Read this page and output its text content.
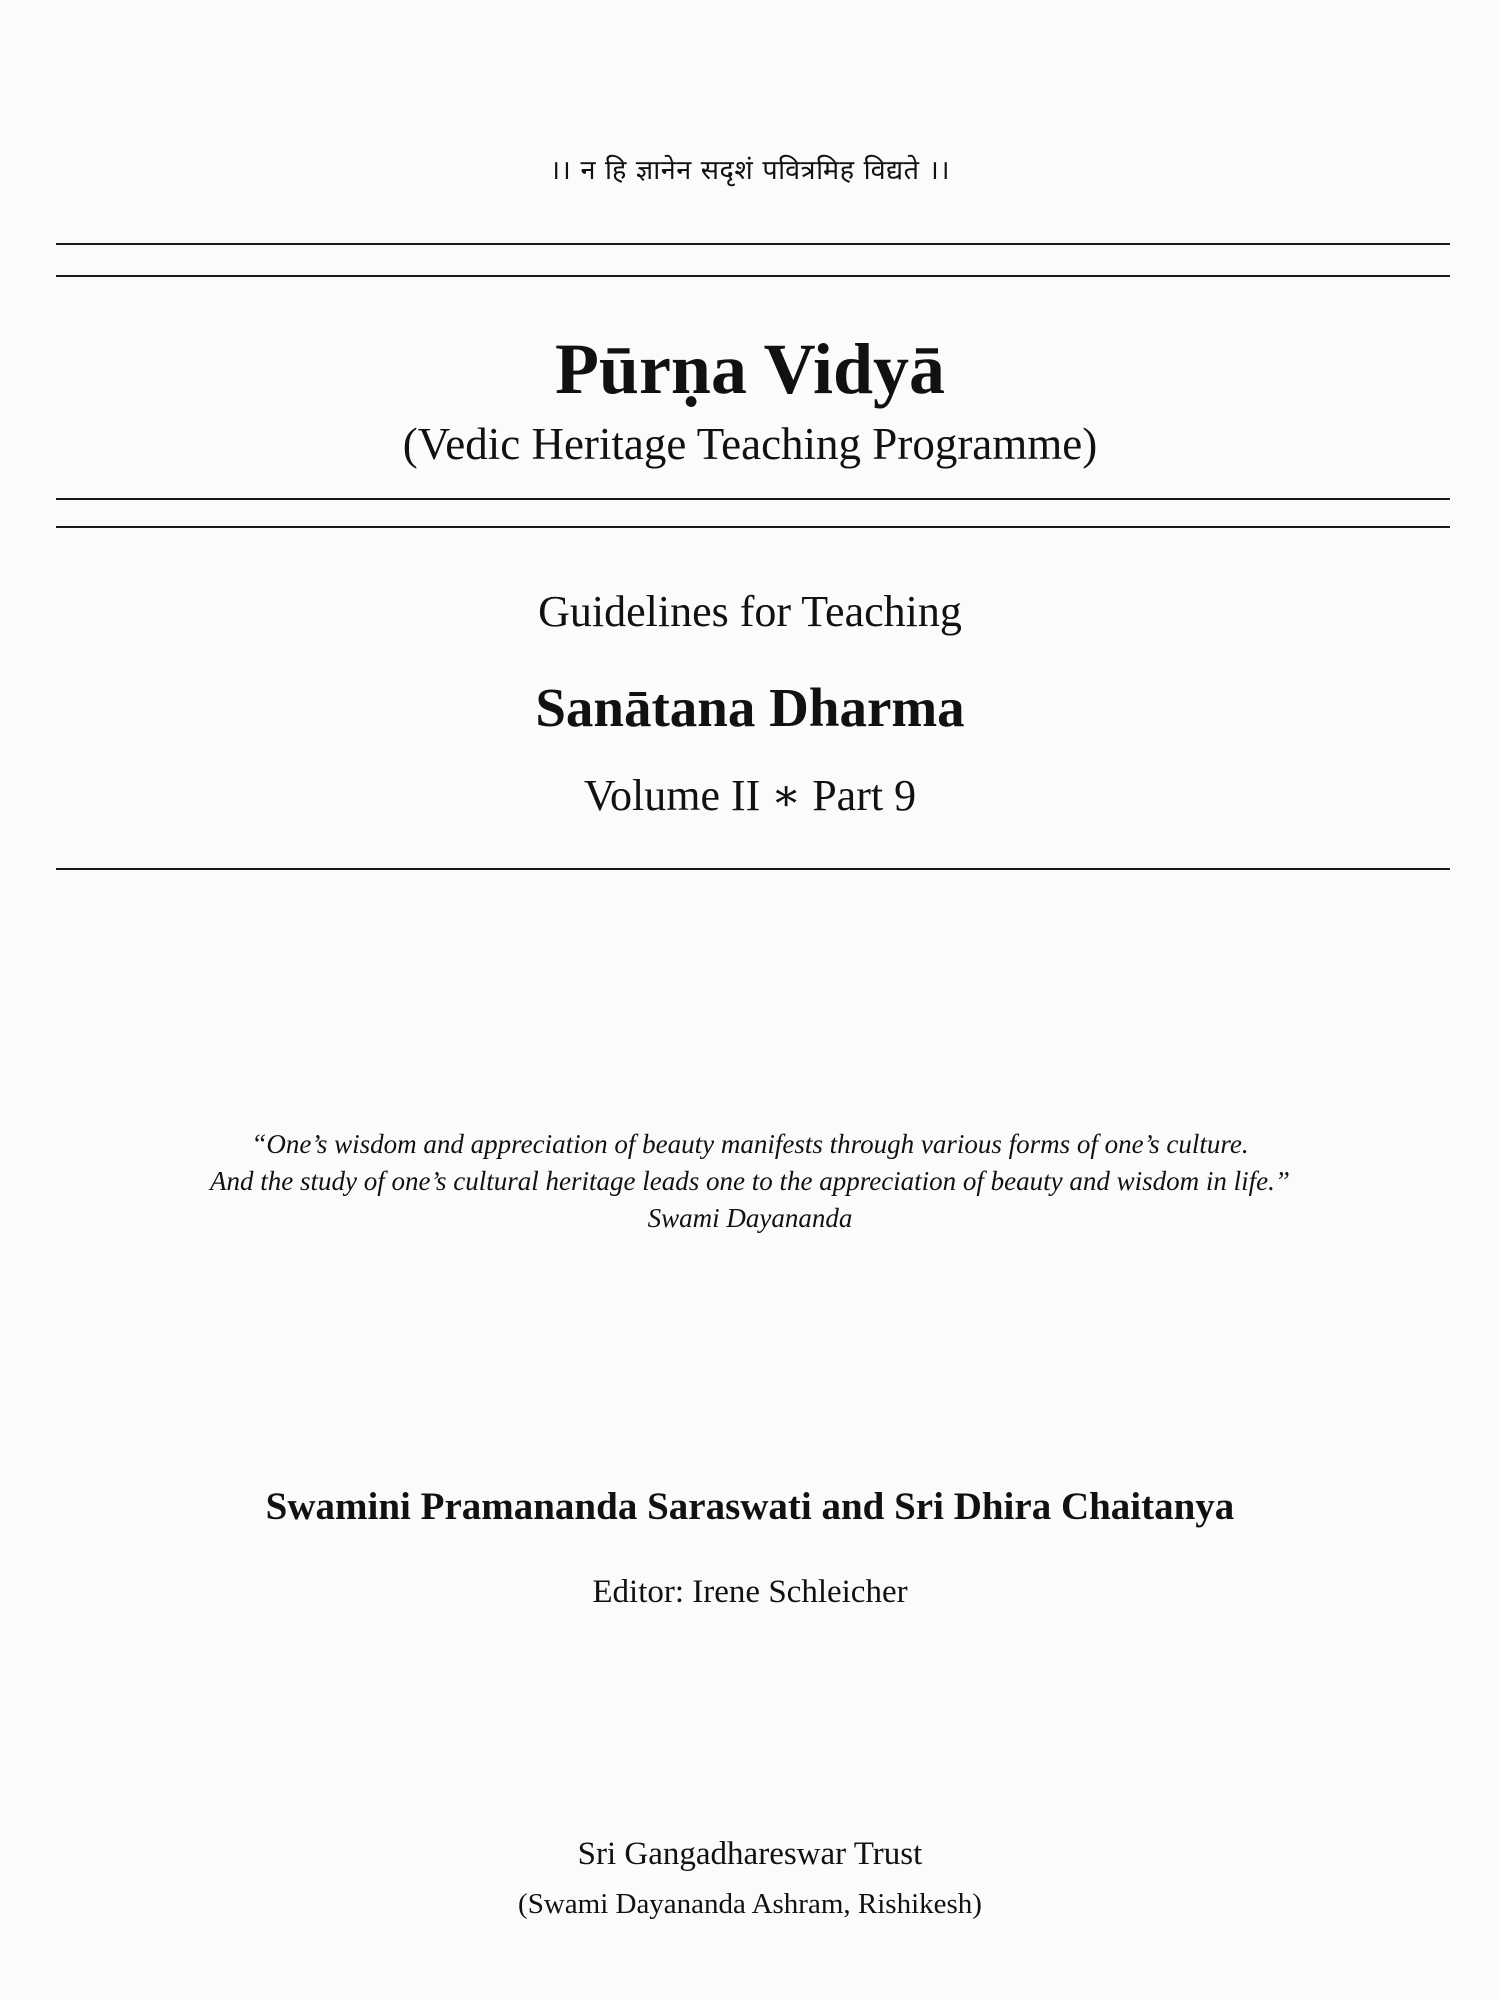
।। न हि ज्ञानेन सदृशं पवित्रमिह विद्यते ।।
Pūrṇa Vidyā
(Vedic Heritage Teaching Programme)
Guidelines for Teaching
Sanātana Dharma
Volume II ∗ Part 9
“One’s wisdom and appreciation of beauty manifests through various forms of one’s culture.
And the study of one’s cultural heritage leads one to the appreciation of beauty and wisdom in life.”
Swami Dayananda
Swamini Pramananda Saraswati and Sri Dhira Chaitanya
Editor: Irene Schleicher
Sri Gangadhareswar Trust
(Swami Dayananda Ashram, Rishikesh)
